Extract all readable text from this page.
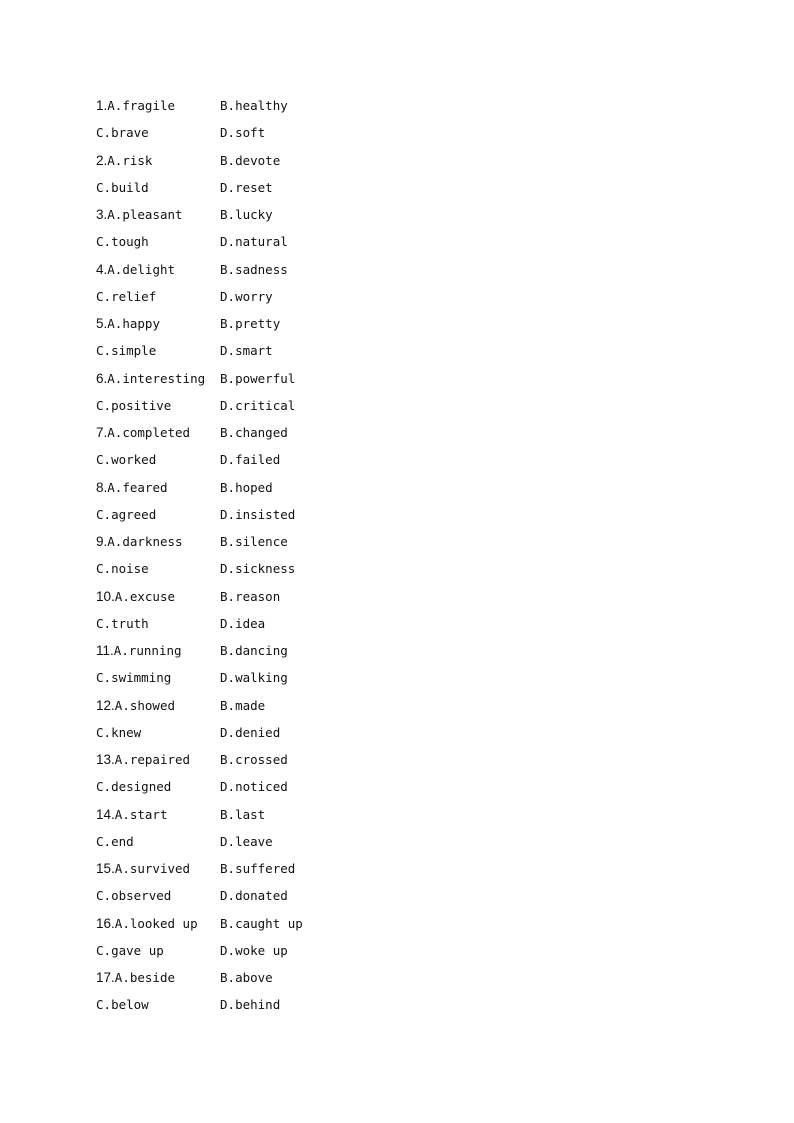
1.A.fragile	B.healthy
C.brave	D.soft
2.A.risk	B.devote
C.build	D.reset
3.A.pleasant	B.lucky
C.tough	D.natural
4.A.delight	B.sadness
C.relief	D.worry
5.A.happy	B.pretty
C.simple	D.smart
6.A.interesting B.powerful
C.positive	D.critical
7.A.completed B.changed
C.worked	D.failed
8.A.feared	B.hoped
C.agreed	D.insisted
9.A.darkness	B.silence
C.noise	D.sickness
10.A.excuse	B.reason
C.truth	D.idea
11.A.running	B.dancing
C.swimming	D.walking
12.A.showed	B.made
C.knew	D.denied
13.A.repaired B.crossed
C.designed	D.noticed
14.A.start	B.last
C.end	D.leave
15.A.survived B.suffered
C.observed	D.donated
16.A.looked up B.caught up
C.gave up	D.woke up
17.A.beside	B.above
C.below	D.behind
